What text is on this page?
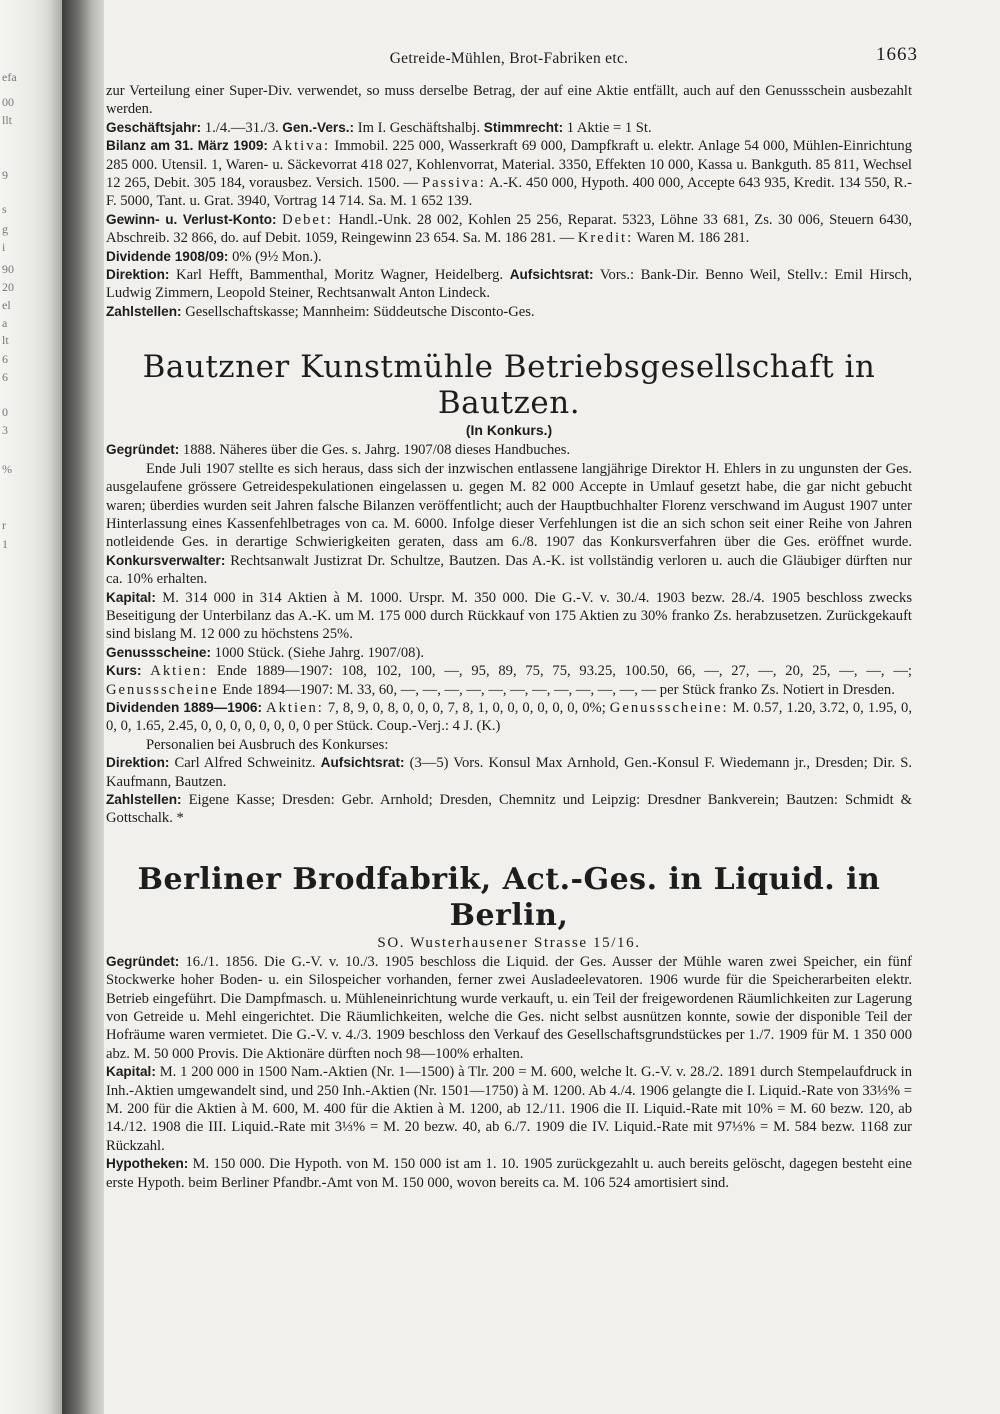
efa
00
llt
9
s
g
i
90
20
el
a
lt
6
6
0
3
%
r
1
Getreide-Mühlen, Brot-Fabriken etc.	1663

zur Verteilung einer Super-Div. verwendet, so muss derselbe Betrag, der auf eine Aktie entfällt, auch auf den Genussschein ausbezahlt werden.

Geschäftsjahr: 1./4.—31./3. Gen.-Vers.: Im I. Geschäftshalbj. Stimmrecht: 1 Aktie = 1 St.

Bilanz am 31. März 1909: Aktiva: Immobil. 225 000, Wasserkraft 69 000, Dampfkraft u. elektr. Anlage 54 000, Mühlen-Einrichtung 285 000. Utensil. 1, Waren- u. Säckevorrat 418 027, Kohlenvorrat, Material. 3350, Effekten 10 000, Kassa u. Bankguth. 85 811, Wechsel 12 265, Debit. 305 184, vorausbez. Versich. 1500. — Passiva: A.-K. 450 000, Hypoth. 400 000, Accepte 643 935, Kredit. 134 550, R.-F. 5000, Tant. u. Grat. 3940, Vortrag 14 714. Sa. M. 1 652 139.

Gewinn- u. Verlust-Konto: Debet: Handl.-Unk. 28 002, Kohlen 25 256, Reparat. 5323, Löhne 33 681, Zs. 30 006, Steuern 6430, Abschreib. 32 866, do. auf Debit. 1059, Reingewinn 23 654. Sa. M. 186 281. — Kredit: Waren M. 186 281.

Dividende 1908/09: 0% (9½ Mon.).

Direktion: Karl Hefft, Bammenthal, Moritz Wagner, Heidelberg. Aufsichtsrat: Vors.: Bank-Dir. Benno Weil, Stellv.: Emil Hirsch, Ludwig Zimmern, Leopold Steiner, Rechtsanwalt Anton Lindeck.

Zahlstellen: Gesellschaftskasse; Mannheim: Süddeutsche Disconto-Ges.

Bautzner Kunstmühle Betriebsgesellschaft in Bautzen.
(In Konkurs.)

Gegründet: 1888. Näheres über die Ges. s. Jahrg. 1907/08 dieses Handbuches.

Ende Juli 1907 stellte es sich heraus, dass sich der inzwischen entlassene langjährige Direktor H. Ehlers in zu ungunsten der Ges. ausgelaufene grössere Getreidespekulationen eingelassen u. gegen M. 82 000 Accepte in Umlauf gesetzt habe, die gar nicht gebucht waren; überdies wurden seit Jahren falsche Bilanzen veröffentlicht; auch der Hauptbuchhalter Florenz verschwand im August 1907 unter Hinterlassung eines Kassenfehlbetrages von ca. M. 6000. Infolge dieser Verfehlungen ist die an sich schon seit einer Reihe von Jahren notleidende Ges. in derartige Schwierigkeiten geraten, dass am 6./8. 1907 das Konkursverfahren über die Ges. eröffnet wurde. Konkursverwalter: Rechtsanwalt Justizrat Dr. Schultze, Bautzen. Das A.-K. ist vollständig verloren u. auch die Gläubiger dürften nur ca. 10% erhalten.

Kapital: M. 314 000 in 314 Aktien à M. 1000. Urspr. M. 350 000. Die G.-V. v. 30./4. 1903 bezw. 28./4. 1905 beschloss zwecks Beseitigung der Unterbilanz das A.-K. um M. 175 000 durch Rückkauf von 175 Aktien zu 30% franko Zs. herabzusetzen. Zurückgekauft sind bislang M. 12 000 zu höchstens 25%.

Genussscheine: 1000 Stück. (Siehe Jahrg. 1907/08).

Kurs: Aktien: Ende 1889—1907: 108, 102, 100, —, 95, 89, 75, 75, 93.25, 100.50, 66, —, 27, —, 20, 25, —, —, —; Genussscheine Ende 1894—1907: M. 33, 60, —, —, —, —, —, —, —, —, —, —, —, — per Stück franko Zs. Notiert in Dresden.

Dividenden 1889—1906: Aktien: 7, 8, 9, 0, 8, 0, 0, 0, 7, 8, 1, 0, 0, 0, 0, 0, 0, 0%; Genussscheine: M. 0.57, 1.20, 3.72, 0, 1.95, 0, 0, 0, 1.65, 2.45, 0, 0, 0, 0, 0, 0, 0, 0 per Stück. Coup.-Verj.: 4 J. (K.)

Personalien bei Ausbruch des Konkurses:

Direktion: Carl Alfred Schweinitz. Aufsichtsrat: (3—5) Vors. Konsul Max Arnhold, Gen.-Konsul F. Wiedemann jr., Dresden; Dir. S. Kaufmann, Bautzen.

Zahlstellen: Eigene Kasse; Dresden: Gebr. Arnhold; Dresden, Chemnitz und Leipzig: Dresdner Bankverein; Bautzen: Schmidt & Gottschalk. *

Berliner Brodfabrik, Act.-Ges. in Liquid. in Berlin,
SO. Wusterhausener Strasse 15/16.

Gegründet: 16./1. 1856. Die G.-V. v. 10./3. 1905 beschloss die Liquid. der Ges. Ausser der Mühle waren zwei Speicher, ein fünf Stockwerke hoher Boden- u. ein Silospeicher vorhanden, ferner zwei Ausladeelevatoren. 1906 wurde für die Speicherarbeiten elektr. Betrieb eingeführt. Die Dampfmasch. u. Mühleneinrichtung wurde verkauft, u. ein Teil der freigewordenen Räumlichkeiten zur Lagerung von Getreide u. Mehl eingerichtet. Die Räumlichkeiten, welche die Ges. nicht selbst ausnützen konnte, sowie der disponible Teil der Hofräume waren vermietet. Die G.-V. v. 4./3. 1909 beschloss den Verkauf des Gesellschaftsgrundstückes per 1./7. 1909 für M. 1 350 000 abz. M. 50 000 Provis. Die Aktionäre dürften noch 98—100% erhalten.

Kapital: M. 1 200 000 in 1500 Nam.-Aktien (Nr. 1—1500) à Tlr. 200 = M. 600, welche lt. G.-V. v. 28./2. 1891 durch Stempelaufdruck in Inh.-Aktien umgewandelt sind, und 250 Inh.-Aktien (Nr. 1501—1750) à M. 1200. Ab 4./4. 1906 gelangte die I. Liquid.-Rate von 33⅓% = M. 200 für die Aktien à M. 600, M. 400 für die Aktien à M. 1200, ab 12./11. 1906 die II. Liquid.-Rate mit 10% = M. 60 bezw. 120, ab 14./12. 1908 die III. Liquid.-Rate mit 3⅓% = M. 20 bezw. 40, ab 6./7. 1909 die IV. Liquid.-Rate mit 97⅓% = M. 584 bezw. 1168 zur Rückzahl.

Hypotheken: M. 150 000. Die Hypoth. von M. 150 000 ist am 1. 10. 1905 zurückgezahlt u. auch bereits gelöscht, dagegen besteht eine erste Hypoth. beim Berliner Pfandbr.-Amt von M. 150 000, wovon bereits ca. M. 106 524 amortisiert sind.
